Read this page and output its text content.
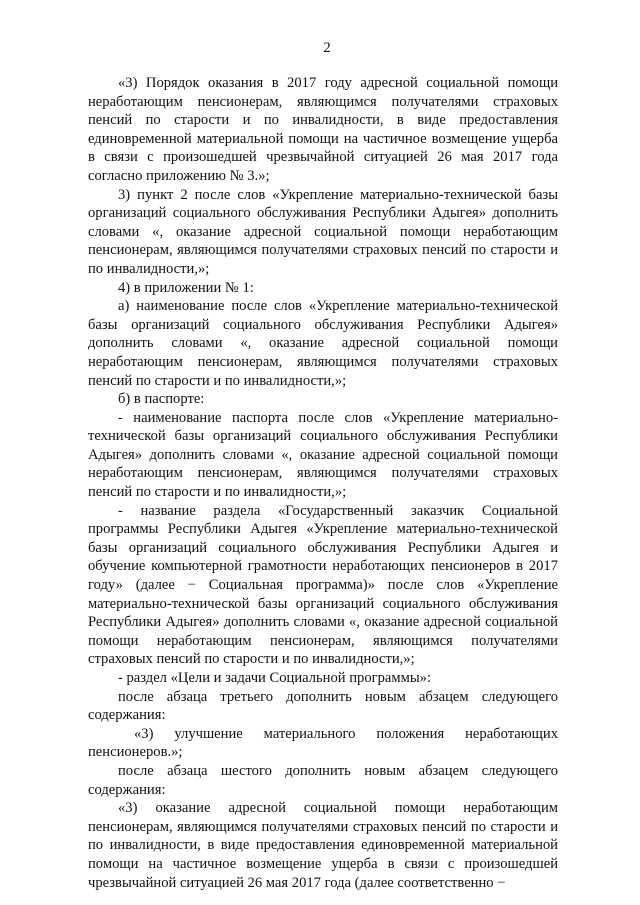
2

«3) Порядок оказания в 2017 году адресной социальной помощи неработающим пенсионерам, являющимся получателями страховых пенсий по старости и по инвалидности, в виде предоставления единовременной материальной помощи на частичное возмещение ущерба в связи с произошедшей чрезвычайной ситуацией 26 мая 2017 года согласно приложению № 3.»;

3) пункт 2 после слов «Укрепление материально-технической базы организаций социального обслуживания Республики Адыгея» дополнить словами «, оказание адресной социальной помощи неработающим пенсионерам, являющимся получателями страховых пенсий по старости и по инвалидности,»;

4) в приложении № 1:

а) наименование после слов «Укрепление материально-технической базы организаций социального обслуживания Республики Адыгея» дополнить словами «, оказание адресной социальной помощи неработающим пенсионерам, являющимся получателями страховых пенсий по старости и по инвалидности,»;

б) в паспорте:

- наименование паспорта после слов «Укрепление материально-технической базы организаций социального обслуживания Республики Адыгея» дополнить словами «, оказание адресной социальной помощи неработающим пенсионерам, являющимся получателями страховых пенсий по старости и по инвалидности,»;

- название раздела «Государственный заказчик Социальной программы Республики Адыгея «Укрепление материально-технической базы организаций социального обслуживания Республики Адыгея и обучение компьютерной грамотности неработающих пенсионеров в 2017 году» (далее − Социальная программа)» после слов «Укрепление материально-технической базы организаций социального обслуживания Республики Адыгея» дополнить словами «, оказание адресной социальной помощи неработающим пенсионерам, являющимся получателями страховых пенсий по старости и по инвалидности,»;

- раздел «Цели и задачи Социальной программы»:

после абзаца третьего дополнить новым абзацем следующего содержания:

«3) улучшение материального положения неработающих пенсионеров.»;

после абзаца шестого дополнить новым абзацем следующего содержания:

«3) оказание адресной социальной помощи неработающим пенсионерам, являющимся получателями страховых пенсий по старости и по инвалидности, в виде предоставления единовременной материальной помощи на частичное возмещение ущерба в связи с произошедшей чрезвычайной ситуацией 26 мая 2017 года (далее соответственно −
